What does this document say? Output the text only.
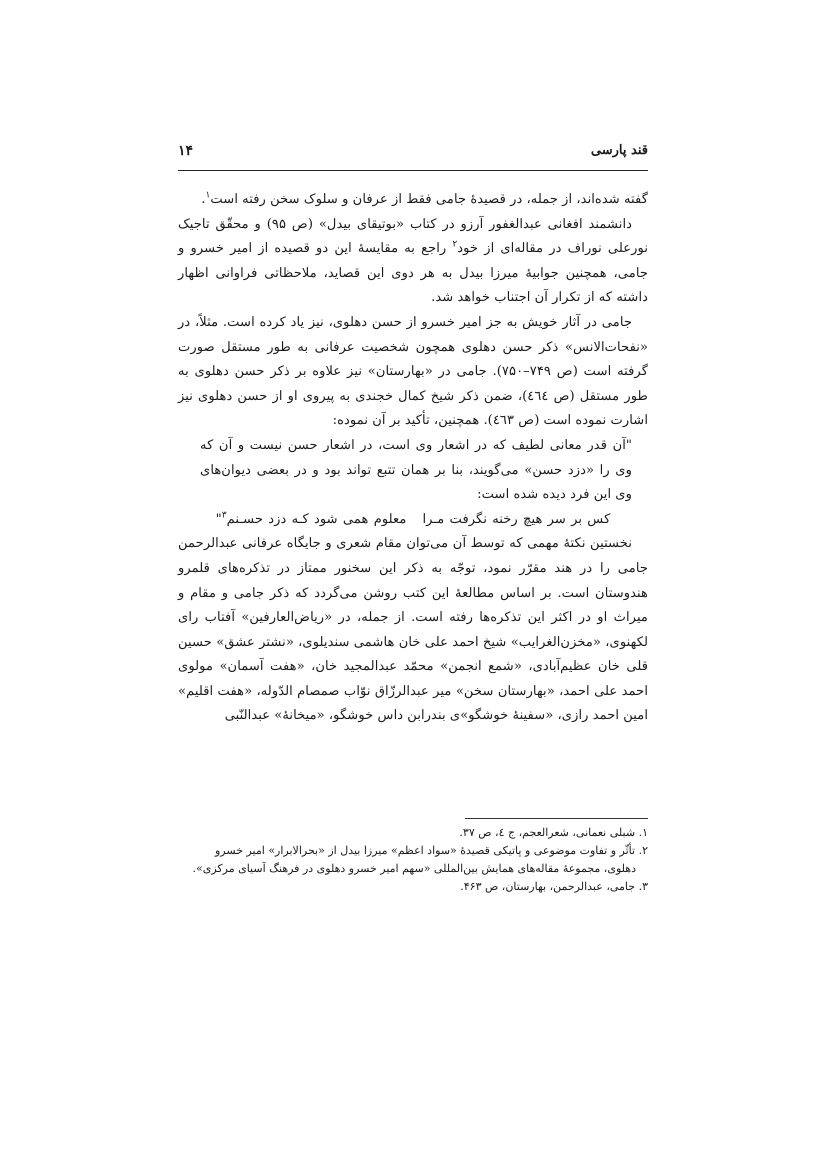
قند پارسی
۱۴

گفته شده‌اند، از جمله، در قصیدهٔ جامی فقط از عرفان و سلوک سخن رفته است$^۱$.

دانشمند افغانی عبدالغفور آرزو در کتاب «بوتیقای بیدل» (ص ۹۵) و محقّق تاجیک نورعلی نوراف در مقاله‌ای از خود$^۲$ راجع به مقایسهٔ این دو قصیده از امیر خسرو و جامی، همچنین جوابیهٔ میرزا بیدل به هر دوی این قصاید، ملاحظاتی فراوانی اظهار داشته که از تکرار آن اجتناب خواهد شد.

جامی در آثار خویش به جز امیر خسرو از حسن دهلوی، نیز یاد کرده است. مثلاً، در «نفحات‌الانس» ذکر حسن دهلوی همچون شخصیت عرفانی به طور مستقل صورت گرفته است (ص ۷۴۹–۷۵۰). جامی در «بهارستان» نیز علاوه بر ذکر حسن دهلوی به طور مستقل (ص ٤٦٤)، ضمن ذکر شیخ کمال خجندی به پیروی او از حسن دهلوی نیز اشارت نموده است (ص ٤٦٣). همچنین، تأکید بر آن نموده:

"آن قدر معانی لطیف که در اشعار وی است، در اشعار حسن نیست و آن که وی را «دزد حسن» می‌گویند، بنا بر همان تتبع تواند بود و در بعضی دیوان‌های وی این فرد دیده شده است:

کس بر سر هیچ رخنه نگرفت مـرامعلوم همی شود کـه دزد حسـنم$^۳$"

نخستین نکتهٔ مهمی که توسط آن می‌توان مقام شعری و جایگاه عرفانی عبدالرحمن جامی را در هند مقرّر نمود، توجّه به ذکر این سخنور ممتاز در تذکره‌های قلمرو هندوستان است. بر اساس مطالعهٔ این کتب روشن می‌گردد که ذکر جامی و مقام و میراث او در اکثر این تذکره‌ها رفته است. از جمله، در «ریاض‌العارفین» آفتاب رای لکهنوی، «مخزن‌الغرایب» شیخ احمد علی خان هاشمی سندیلوی، «نشتر عشق» حسین قلی خان عظیم‌آبادی، «شمع انجمن» محمّد عبدالمجید خان، «هفت آسمان» مولوی احمد علی احمد، «بهارستان سخن» میر عبدالرزّاق نوّاب صمصام الدّوله، «هفت اقلیم» امین احمد رازی، «سفینهٔ خوشگو»ی بندرابن داس خوشگو، «میخانهٔ» عبدالنّبی

۱. شبلی نعمانی، شعرالعجم، ج ٤، ص ۳۷.

۲. تأثّر و تفاوت موضوعی و پاتیکی قصیدهٔ «سواد اعظم» میرزا بیدل از «بحرالابرار» امیر خسرو

دهلوی، مجموعهٔ مقاله‌های همایش بین‌المللی «سهم امیر خسرو دهلوی در فرهنگ آسیای مرکزی».

۳. جامی، عبدالرحمن، بهارستان، ص ۴۶۳.
